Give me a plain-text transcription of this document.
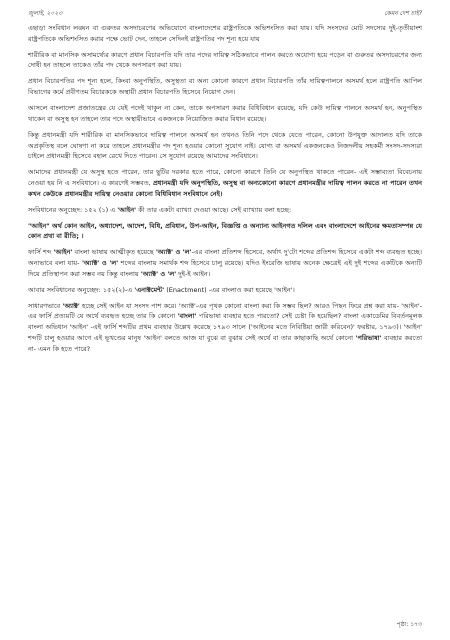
জুলাই, ২০২৩	কেমন দেশ চাই?

এছাড়া সংবিধান লঙ্ঘন বা গুরুতর অসদাচরণের অভিযোগে বাংলাদেশের রাষ্ট্রপতিকে অভিশংসিত করা যায়। যদি সংসদের মোট সদস্যের দুই-তৃতীয়াংশ রাষ্ট্রপতিকে অভিশংসিত করার পক্ষে ভোট দেন, তাহলে সেদিনই রাষ্ট্রপতির পদ শূন্য হয়ে যায়

শারীরিক বা মানসিক অসামর্থ্যের কারণে প্রধান বিচারপতি যদি তার পদের দায়িত্ব সঠিকভাবে পালন করতে অযোগ্য হয়ে পড়েন বা গুরুতর অসদাচরণের জন্য দোষী হন তাহলে তাকেও তাঁর পদ থেকে অপসারণ করা যায়।

প্রধান বিচারপতির পদ শূন্য হলে, কিংবা অনুপস্থিতি, অসুস্থতা বা অন্য কোনো কারণে প্রধান বিচারপতি তাঁর দায়িত্বপালনে অসমর্থ হলে রাষ্ট্রপতি আপিল বিভাগের কর্মে প্রবীণতম বিচারককে অস্থায়ী প্রধান বিচারপতি হিসেবে নিয়োগ দেন।

আসলে বাংলাদেশ প্রজাতন্ত্রের যে যেই পদেই থাকুন না কেন, তাকে অপসারণ করার বিধিবিধান রয়েছে, যদি কেউ দায়িত্ব পালনে অসমর্থ হন, অনুপস্থিত থাকেন বা অসুস্থ হন তাহলে তার পদে অস্থায়ীভাবে একজনকে নিয়োজিত করার বিধান রয়েছে।

কিন্তু প্রধানমন্ত্রী যদি শারীরিক বা মানসিকভাবে দায়িত্ব পালনে অসমর্থ হন তখনও তিনি পদে থেকে যেতে পারেন, কোনো উপযুক্ত আদালত যদি তাকে অপ্রকৃতিস্থ বলে ঘোষণা না করে তাহলে প্রধানমন্ত্রীর পদ শূন্য হওয়ার কোনো সুযোগ নাই। যোগ্য বা অসমর্থ একজনকেও নিজদলীয় সহকর্মী সংসদ-সদস্যরা চাইলে প্রধানমন্ত্রী হিসেবে বহাল রেখে দিতে পারেন। সে সুযোগ রয়েছে আমাদের সংবিধানে।

আমাদের প্রধানমন্ত্রী যে অসুস্থ হতে পারেন, তার ছুটির দরকার হতে পারে, কোনো কারণে তিনি যে অনুপস্থিত থাকতে পারেন- এই সম্ভাব্যতা বিবেচনায় নেওয়া হয় নি এ সংবিধানে। এ কারণেই সম্ভবত, প্রধানমন্ত্রী যদি অনুপস্থিতি, অসুস্থ বা অন্যকোনো কারণে প্রধানমন্ত্রীর দায়িত্ব পালন করতে না পারেন তখন কখন কেউকে প্রধানমন্ত্রীর দায়িত্ব নেওয়ার কোনো বিধিবিধান সংবিধানে নেই।

সংবিধানের অনুচ্ছেদ: ১৫২ (১) এ 'আইন' কী তার একটা ব্যাখ্যা দেওয়া আছে। সেই ব্যাখ্যায় বলা হচ্ছে:

"আইন" অর্থ কোন আইন, অধ্যাদেশ, আদেশ, বিধি, প্রবিধান, উপ-আইন, বিজ্ঞপ্তি ও অন্যান্য আইনগত দলিল এবং বাংলাদেশে আইনের ক্ষমতাসম্পন্ন যে কোন প্রথা বা রীতি; ।

ফার্সি শব্দ 'আইন' বাংলা ভাষায় আত্মীকৃত হয়েছে 'অ্যাক্ট' ও 'ল'-এর বাংলা প্রতিশব্দ হিসেবে, অর্থাৎ দু'টো শব্দের প্রতিশব্দ হিসেবে একটা শব্দ ব্যবহৃত হচ্ছে। অন্যভাবে বলা যায়- 'অ্যাক্ট' ও 'ল' শব্দের বাংলায় সমার্থক শব্দ হিসেবে চালু রয়েছে। যদিও ইংরেজি ভাষায় অনেক ক্ষেত্রেই এই দুই শব্দের একটিকে অন্যটি দিয়ে প্রতিস্থাপন করা সম্ভব নয় কিন্তু বাংলায় 'অ্যাক্ট' ও 'ল' দুই-ই আইন।

আবার সংবিধানের অনুচ্ছেদ: ১৫২(২)-এ 'এনাক্টমেন্ট' (Enactment) -এর বাংলাও করা হয়েছে 'আইন'।

সাধারণভাবে 'অ্যাক্ট' হচ্ছে সেই আইন যা সংসদ পাশ করে। 'অ্যাক্ট'-এর পৃথক কোনো বাংলা করা কি সম্ভব ছিল? আরও পিছন ফিরে প্রশ্ন করা যায়- 'আইন'-এর ফার্সি প্রত্যয়টি যে অর্থে ব্যবহৃত হচ্ছে তার কি কোনো 'বাংলা' পরিভাষা ব্যবহার হতে পারতো? সেই চেষ্টা কি হয়েছিল? বাংলা একাডেমির বিবর্তনমূলক বাংলা অভিধান 'আইন' -এই ফার্সি শব্দটির প্রথম ব্যবহার উল্লেখ করেছে ১৭৯৩ সালে ('আইনের মতে নিবিষ্টিয়া জারী করিবেন)' ফরষ্টার, ১৭৯৩)। 'আইন' শব্দটি চালু হওয়ার আগে এই ভূখণ্ডের মানুষ 'আইন' বলতে আজ যা বুঝে বা বুঝায় সেই অর্থে বা তার কাছাকাছি অর্থে কোনো 'পরিভাষা' ব্যবহার করতো না- এমন কি হতে পারে?

পৃষ্ঠা: ১৭৩
